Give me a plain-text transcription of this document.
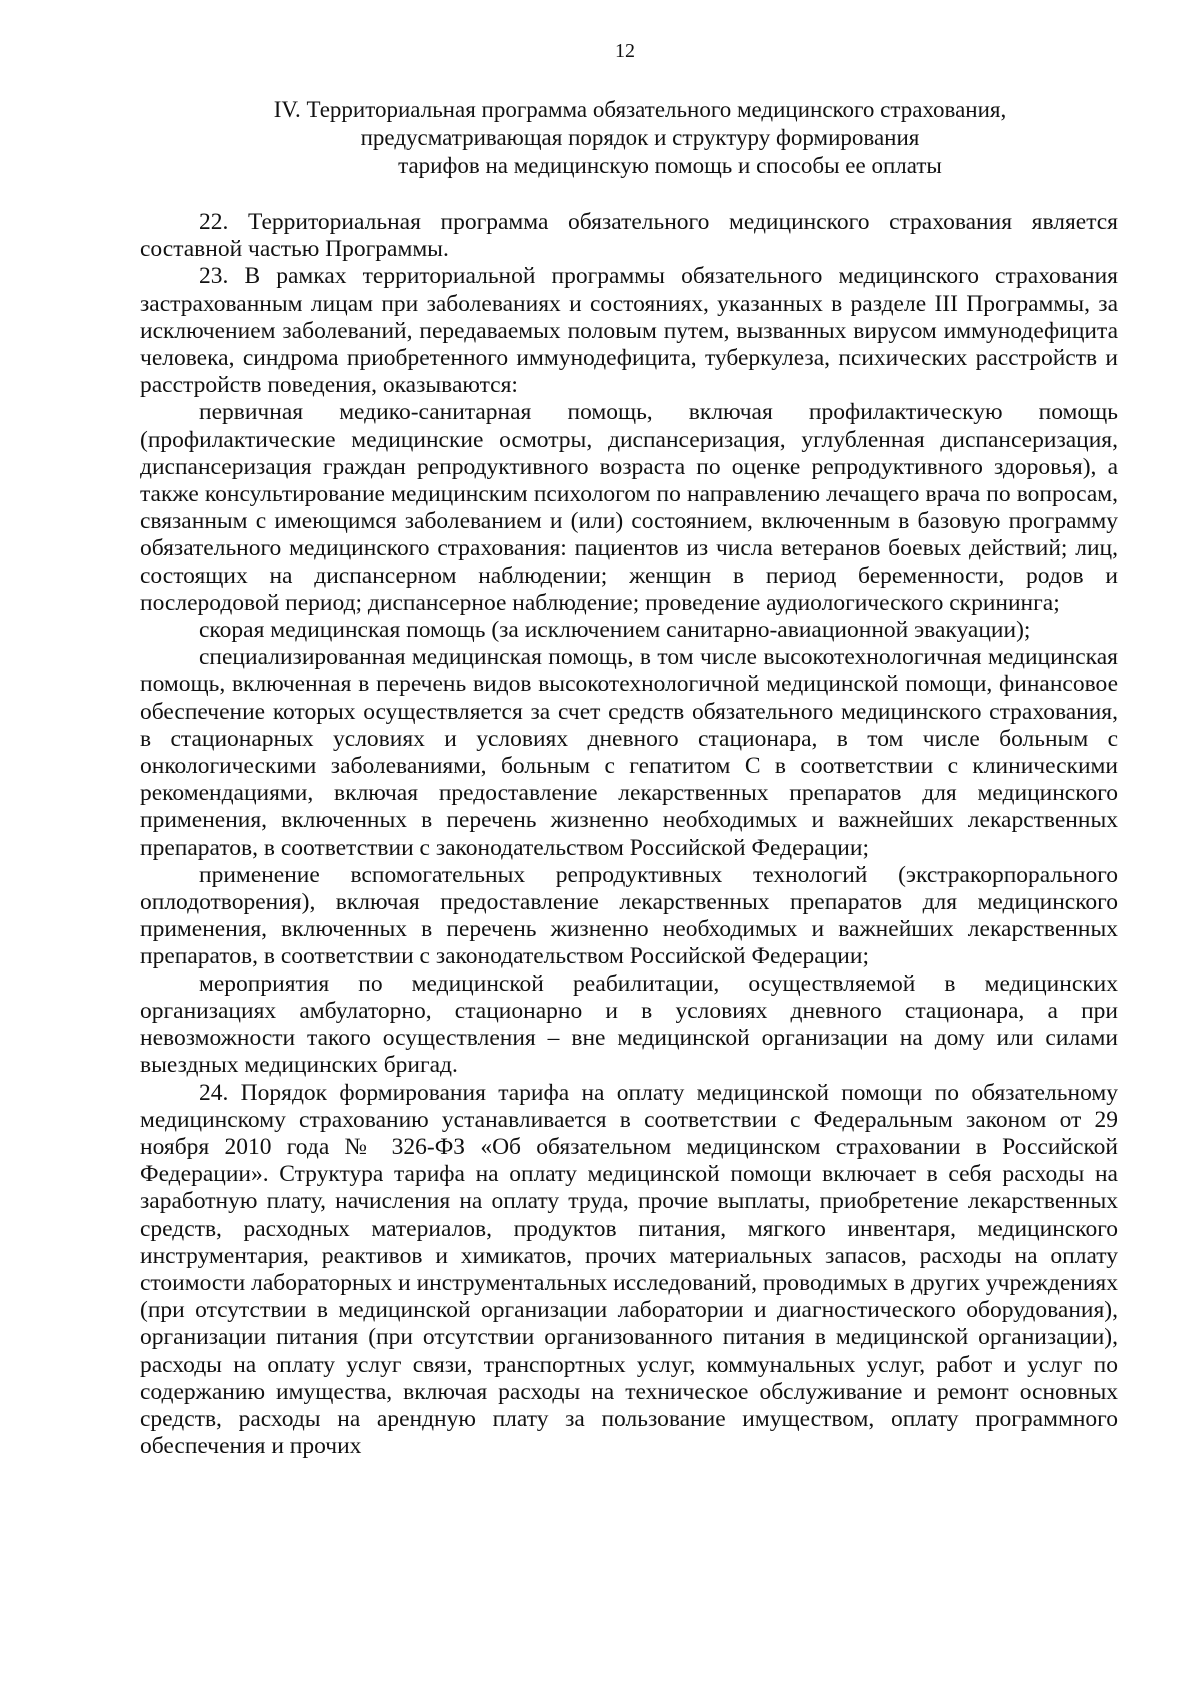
12
IV. Территориальная программа обязательного медицинского страхования,
предусматривающая порядок и структуру формирования
тарифов на медицинскую помощь и способы ее оплаты

22. Территориальная программа обязательного медицинского страхования является составной частью Программы.

23. В рамках территориальной программы обязательного медицинского страхования застрахованным лицам при заболеваниях и состояниях, указанных в разделе III Программы, за исключением заболеваний, передаваемых половым путем, вызванных вирусом иммунодефицита человека, синдрома приобретенного иммунодефицита, туберкулеза, психических расстройств и расстройств поведения, оказываются:

первичная медико-санитарная помощь, включая профилактическую помощь (профилактические медицинские осмотры, диспансеризация, углубленная диспансеризация, диспансеризация граждан репродуктивного возраста по оценке репродуктивного здоровья), а также консультирование медицинским психологом по направлению лечащего врача по вопросам, связанным с имеющимся заболеванием и (или) состоянием, включенным в базовую программу обязательного медицинского страхования: пациентов из числа ветеранов боевых действий; лиц, состоящих на диспансерном наблюдении; женщин в период беременности, родов и послеродовой период; диспансерное наблюдение; проведение аудиологического скрининга;

скорая медицинская помощь (за исключением санитарно-авиационной эвакуации);

специализированная медицинская помощь, в том числе высокотехнологичная медицинская помощь, включенная в перечень видов высокотехнологичной медицинской помощи, финансовое обеспечение которых осуществляется за счет средств обязательного медицинского страхования, в стационарных условиях и условиях дневного стационара, в том числе больным с онкологическими заболеваниями, больным с гепатитом С в соответствии с клиническими рекомендациями, включая предоставление лекарственных препаратов для медицинского применения, включенных в перечень жизненно необходимых и важнейших лекарственных препаратов, в соответствии с законодательством Российской Федерации;

применение вспомогательных репродуктивных технологий (экстракорпорального оплодотворения), включая предоставление лекарственных препаратов для медицинского применения, включенных в перечень жизненно необходимых и важнейших лекарственных препаратов, в соответствии с законодательством Российской Федерации;

мероприятия по медицинской реабилитации, осуществляемой в медицинских организациях амбулаторно, стационарно и в условиях дневного стационара, а при невозможности такого осуществления – вне медицинской организации на дому или силами выездных медицинских бригад.

24. Порядок формирования тарифа на оплату медицинской помощи по обязательному медицинскому страхованию устанавливается в соответствии с Федеральным законом от 29 ноября 2010 года № 326-ФЗ «Об обязательном медицинском страховании в Российской Федерации». Структура тарифа на оплату медицинской помощи включает в себя расходы на заработную плату, начисления на оплату труда, прочие выплаты, приобретение лекарственных средств, расходных материалов, продуктов питания, мягкого инвентаря, медицинского инструментария, реактивов и химикатов, прочих материальных запасов, расходы на оплату стоимости лабораторных и инструментальных исследований, проводимых в других учреждениях (при отсутствии в медицинской организации лаборатории и диагностического оборудования), организации питания (при отсутствии организованного питания в медицинской организации), расходы на оплату услуг связи, транспортных услуг, коммунальных услуг, работ и услуг по содержанию имущества, включая расходы на техническое обслуживание и ремонт основных средств, расходы на арендную плату за пользование имуществом, оплату программного обеспечения и прочих
